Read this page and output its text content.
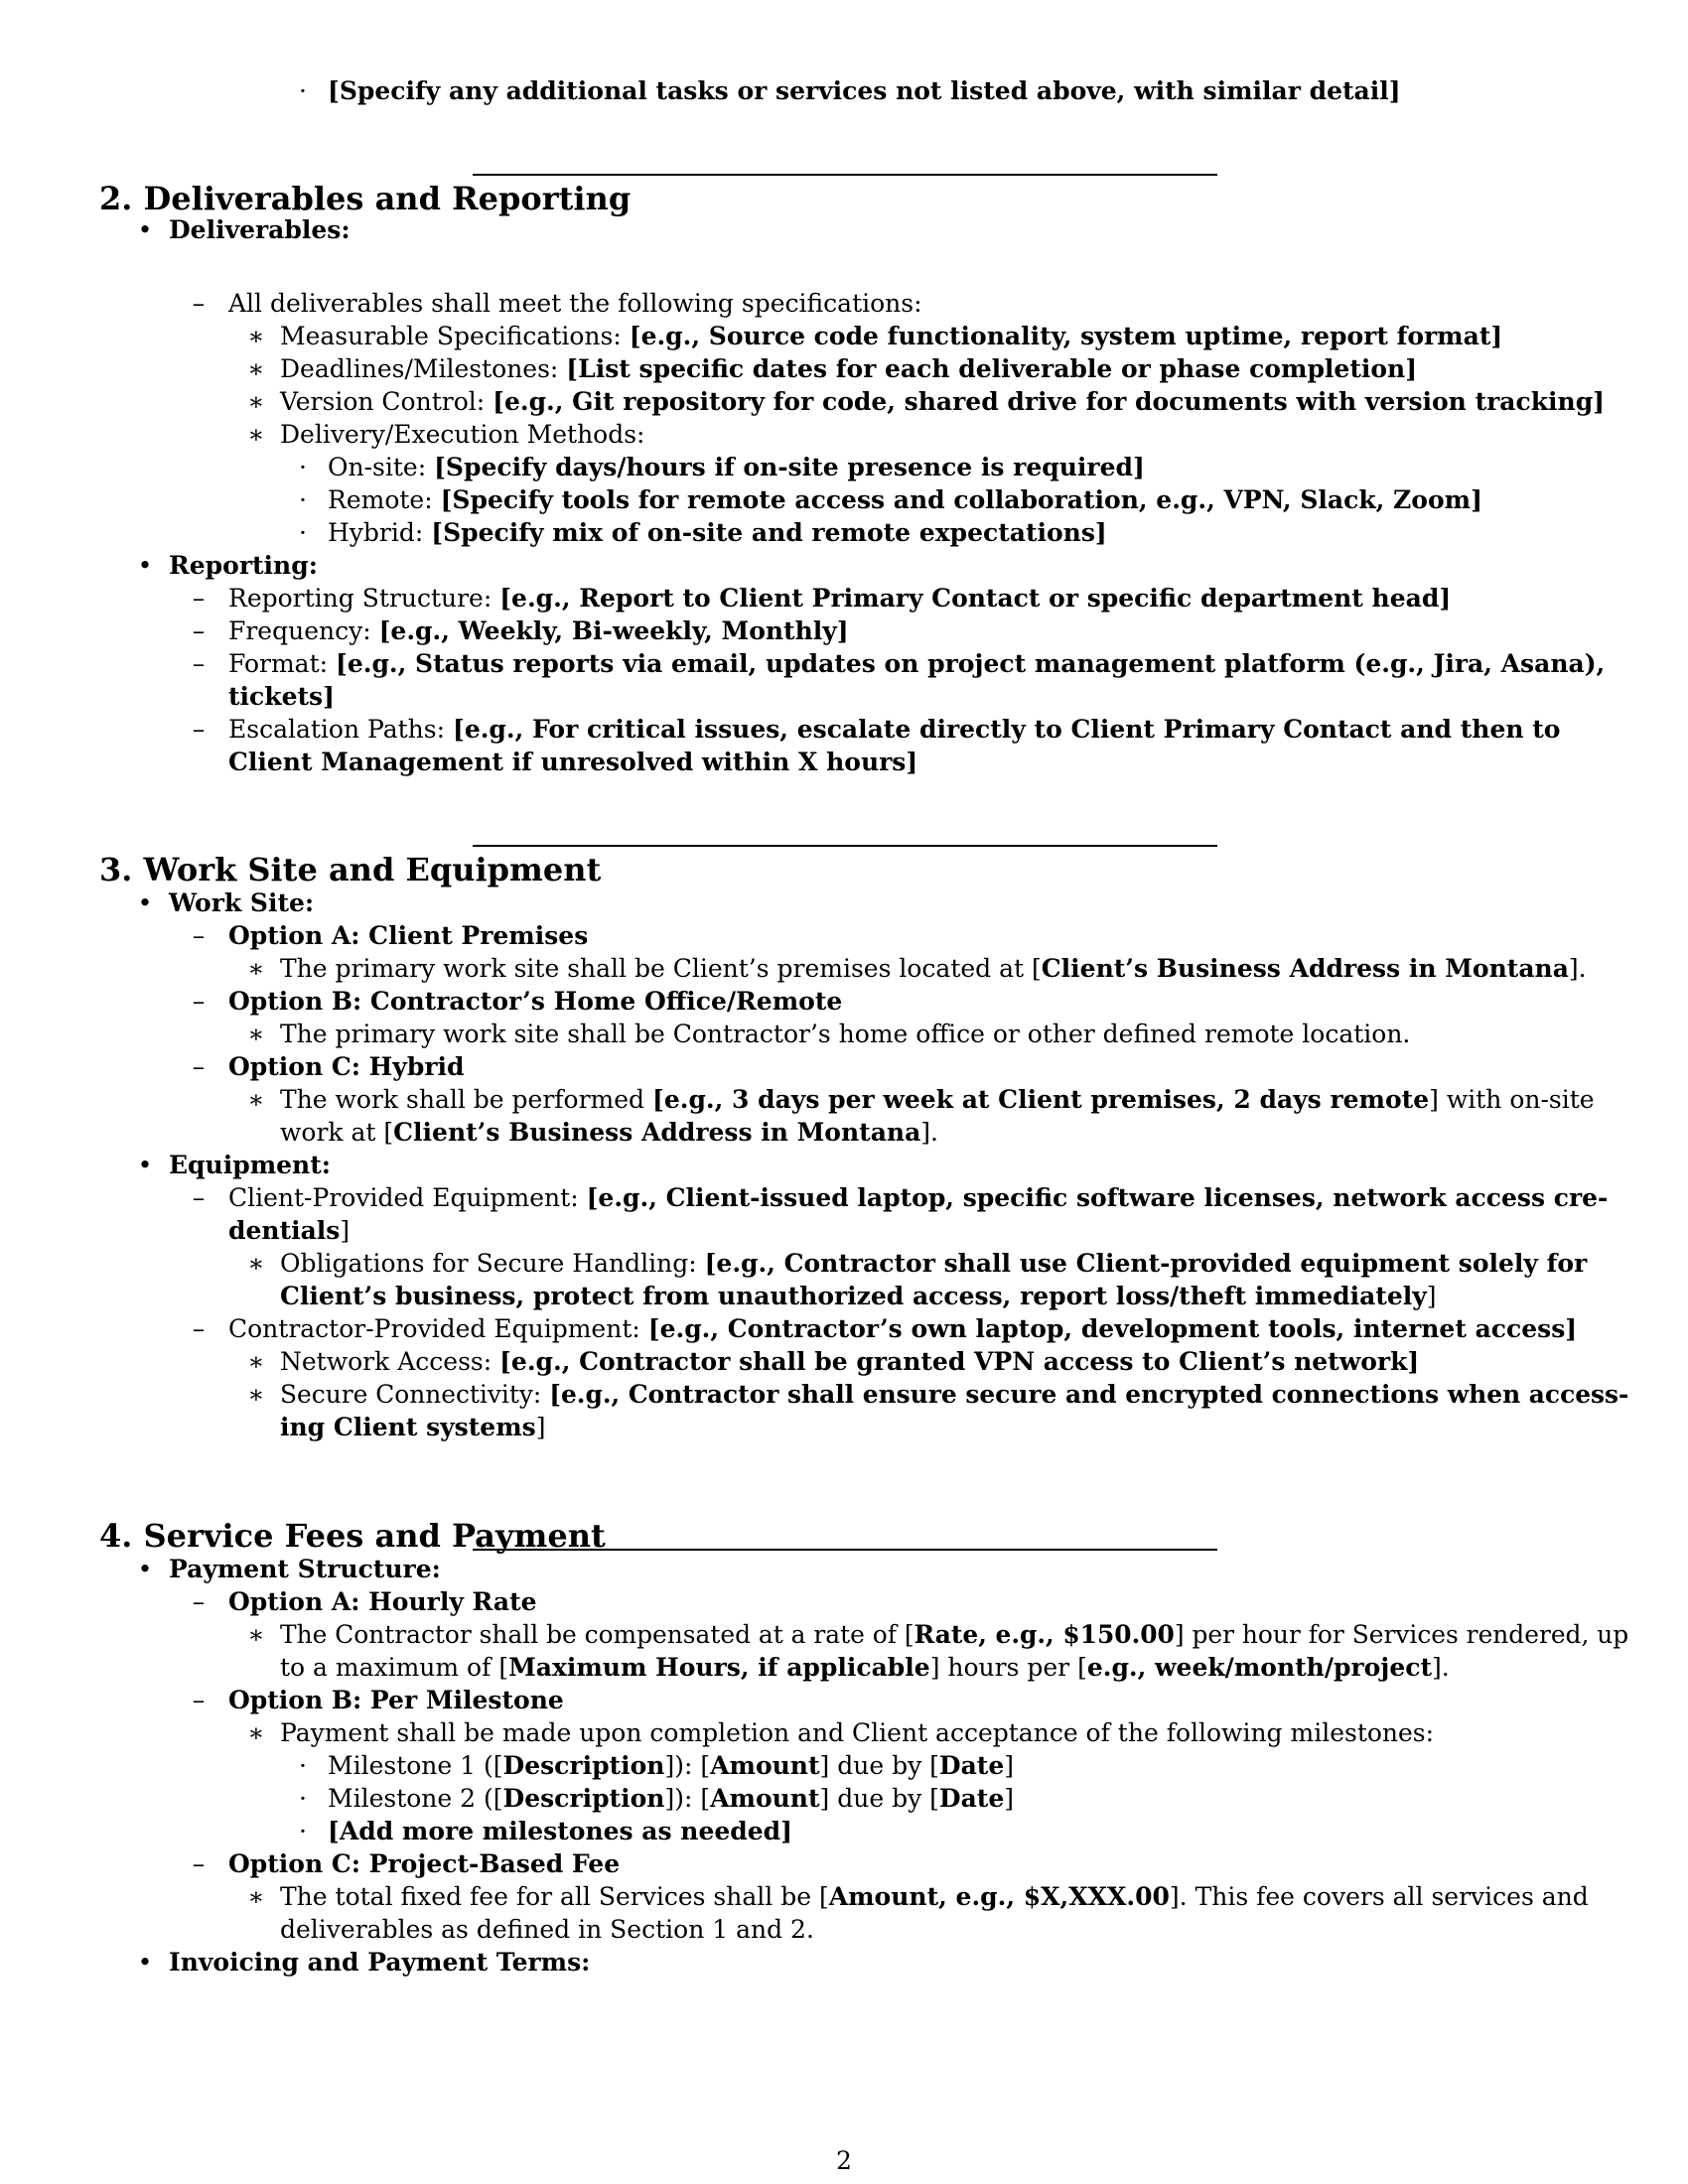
2. Deliverables and Reporting
3. Work Site and Equipment
4. Service Fees and Payment
· [Specify any additional tasks or services not listed above, with similar detail]
• Deliverables:
– All deliverables shall meet the following specifications:
∗ Measurable Specifications: [e.g., Source code functionality, system uptime, report format]
∗ Deadlines/Milestones: [List specific dates for each deliverable or phase completion]
∗ Version Control: [e.g., Git repository for code, shared drive for documents with version tracking]
∗ Delivery/Execution Methods:
· On-site: [Specify days/hours if on-site presence is required]
· Remote: [Specify tools for remote access and collaboration, e.g., VPN, Slack, Zoom]
· Hybrid: [Specify mix of on-site and remote expectations]
• Reporting:
– Reporting Structure: [e.g., Report to Client Primary Contact or specific department head]
– Frequency: [e.g., Weekly, Bi-weekly, Monthly]
– Format: [e.g., Status reports via email, updates on project management platform (e.g., Jira, Asana),
tickets]
– Escalation Paths: [e.g., For critical issues, escalate directly to Client Primary Contact and then to
Client Management if unresolved within X hours]
• Work Site:
– Option A: Client Premises
∗ The primary work site shall be Client’s premises located at [Client’s Business Address in Montana].
– Option B: Contractor’s Home Office/Remote
∗ The primary work site shall be Contractor’s home office or other defined remote location.
– Option C: Hybrid
∗ The work shall be performed [e.g., 3 days per week at Client premises, 2 days remote] with on-site
work at [Client’s Business Address in Montana].
• Equipment:
– Client-Provided Equipment: [e.g., Client-issued laptop, specific software licenses, network access cre-
dentials]
∗ Obligations for Secure Handling: [e.g., Contractor shall use Client-provided equipment solely for
Client’s business, protect from unauthorized access, report loss/theft immediately]
– Contractor-Provided Equipment: [e.g., Contractor’s own laptop, development tools, internet access]
∗ Network Access: [e.g., Contractor shall be granted VPN access to Client’s network]
∗ Secure Connectivity: [e.g., Contractor shall ensure secure and encrypted connections when access-
ing Client systems]
• Payment Structure:
– Option A: Hourly Rate
∗ The Contractor shall be compensated at a rate of [Rate, e.g., $150.00] per hour for Services rendered, up
to a maximum of [Maximum Hours, if applicable] hours per [e.g., week/month/project].
– Option B: Per Milestone
∗ Payment shall be made upon completion and Client acceptance of the following milestones:
· Milestone 1 ([Description]): [Amount] due by [Date]
· Milestone 2 ([Description]): [Amount] due by [Date]
· [Add more milestones as needed]
– Option C: Project-Based Fee
∗ The total fixed fee for all Services shall be [Amount, e.g., $X,XXX.00]. This fee covers all services and
deliverables as defined in Section 1 and 2.
• Invoicing and Payment Terms:
2
